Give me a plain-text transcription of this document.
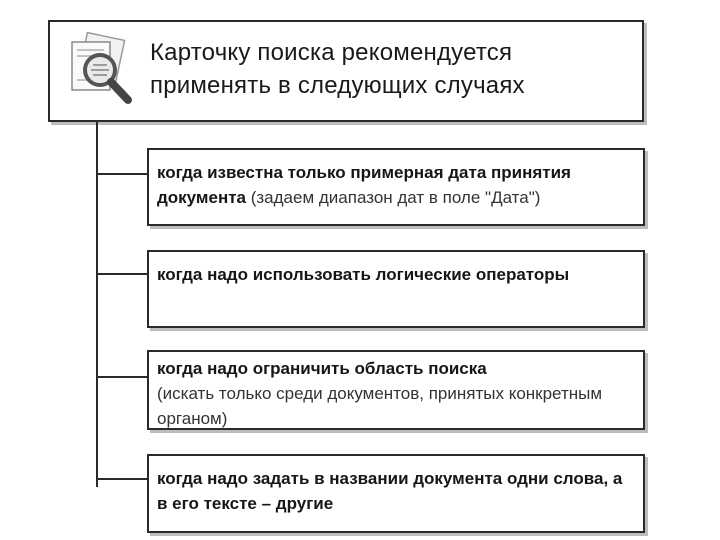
Карточку поиска рекомендуется применять в следующих случаях
когда известна только примерная дата принятия документа (задаем диапазон дат в поле "Дата")
когда надо использовать логические операторы
когда надо ограничить область поиска
(искать только среди документов, принятых конкретным органом)
когда надо задать в названии документа одни слова, а в его тексте – другие
